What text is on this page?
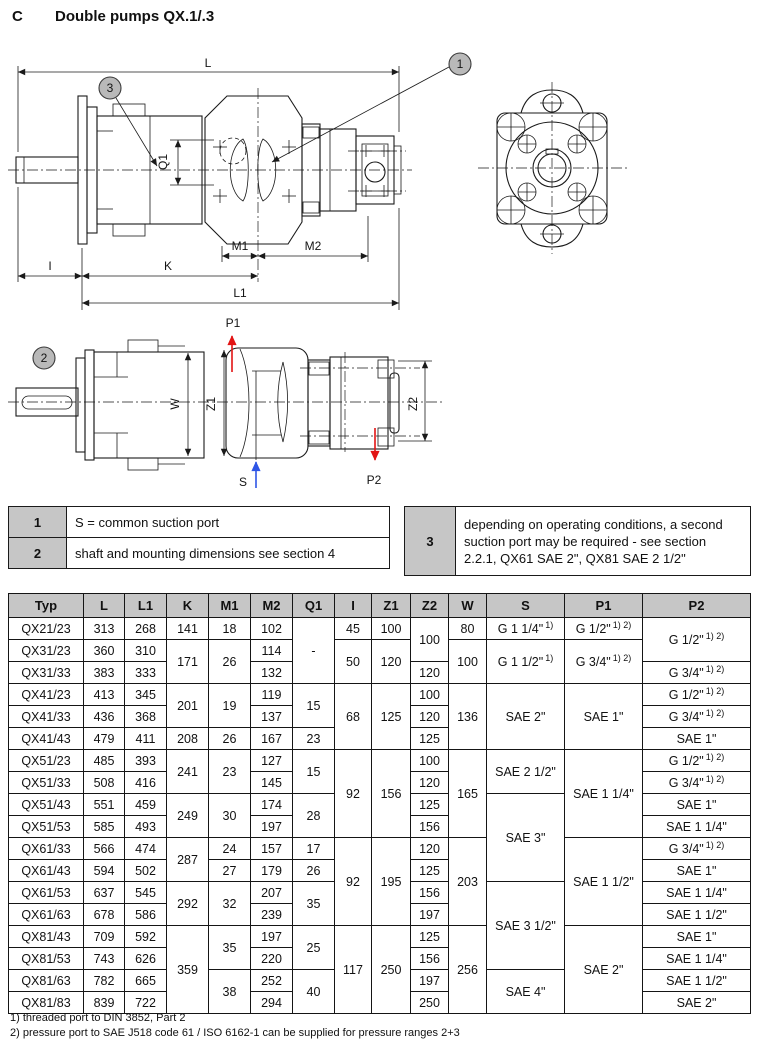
C Double pumps QX.1/.3
Q1
L
M1	M2
I	K
L1
1
3
2
W Z1	Z2
P1
S	P2
1	S = common suction port
2	shaft and mounting dimensions see section 4
3	depending on operating conditions, a second suction port may be required - see section 2.2.1, QX61 SAE 2", QX81 SAE 2 1/2"
Typ	L	L1	K	M1	M2	Q1	I	Z1	Z2	W	S	P1	P2
QX21/23	313	268	141	18	102	-	45	100	100	80	G 1 1/4" $^{1)}$	G 1/2" $^{1) 2)}$	G 1/2" $^{1) 2)}$
QX31/23	360	310	171	26	114		50	120		100	G 1 1/2" $^{1)}$	G 3/4" $^{1) 2)}$
QX31/33	383	333			132				120				G 3/4" $^{1) 2)}$
QX41/23	413	345	201	19	119	15	68	125	100	136	SAE 2"	SAE 1"	G 1/2" $^{1) 2)}$
QX41/33	436	368			137				120				G 3/4" $^{1) 2)}$
QX41/43	479	411	208	26	167	23			125				SAE 1"
QX51/23	485	393	241	23	127	15	92	156	100	165	SAE 2 1/2"	SAE 1 1/4"	G 1/2" $^{1) 2)}$
QX51/33	508	416			145				120				G 3/4" $^{1) 2)}$
QX51/43	551	459	249	30	174	28			125		SAE 3"		SAE 1"
QX51/53	585	493			197				156				SAE 1 1/4"
QX61/33	566	474	287	24	157	17	92	195	120	203		SAE 1 1/2"	G 3/4" $^{1) 2)}$
QX61/43	594	502		27	179	26			125				SAE 1"
QX61/53	637	545	292	32	207	35			156		SAE 3 1/2"		SAE 1 1/4"
QX61/63	678	586			239				197				SAE 1 1/2"
QX81/43	709	592	359	35	197	25	117	250	125	256		SAE 2"	SAE 1"
QX81/53	743	626			220				156				SAE 1 1/4"
QX81/63	782	665		38	252	40			197		SAE 4"		SAE 1 1/2"
QX81/83	839	722			294				250				SAE 2"
1) threaded port to DIN 3852, Part 2
2) pressure port to SAE J518 code 61 / ISO 6162-1 can be supplied for pressure ranges 2+3
